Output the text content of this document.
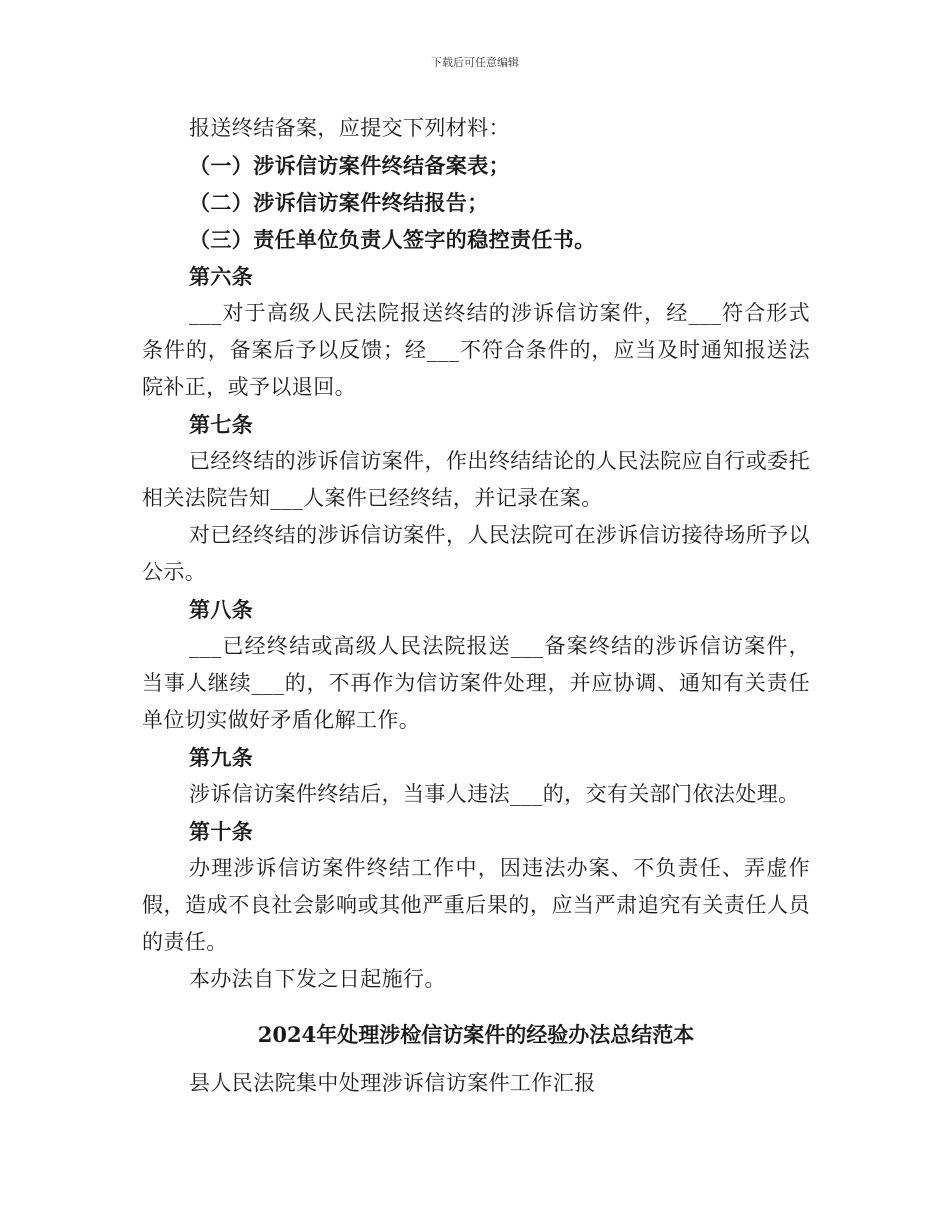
下载后可任意编辑

报送终结备案，应提交下列材料：

（一）涉诉信访案件终结备案表；

（二）涉诉信访案件终结报告；

（三）责任单位负责人签字的稳控责任书。

第六条

___对于高级人民法院报送终结的涉诉信访案件，经___符合形式条件的，备案后予以反馈；经___不符合条件的，应当及时通知报送法院补正，或予以退回。

第七条

已经终结的涉诉信访案件，作出终结结论的人民法院应自行或委托相关法院告知___人案件已经终结，并记录在案。

对已经终结的涉诉信访案件，人民法院可在涉诉信访接待场所予以公示。

第八条

___已经终结或高级人民法院报送___备案终结的涉诉信访案件，当事人继续___的，不再作为信访案件处理，并应协调、通知有关责任单位切实做好矛盾化解工作。

第九条

涉诉信访案件终结后，当事人违法___的，交有关部门依法处理。

第十条

办理涉诉信访案件终结工作中，因违法办案、不负责任、弄虚作假，造成不良社会影响或其他严重后果的，应当严肃追究有关责任人员的责任。

本办法自下发之日起施行。

2024年处理涉检信访案件的经验办法总结范本

县人民法院集中处理涉诉信访案件工作汇报
